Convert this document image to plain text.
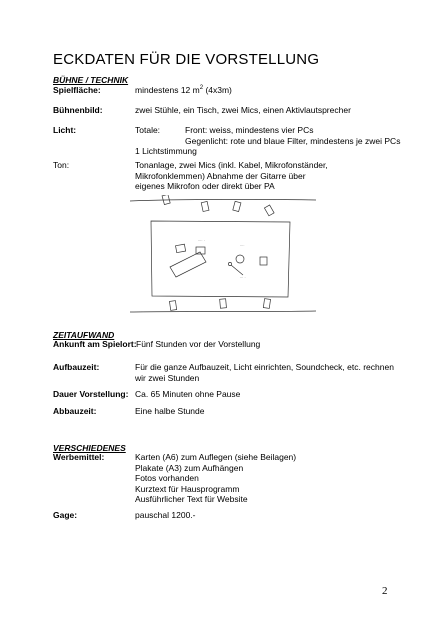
ECKDATEN FÜR DIE VORSTELLUNG
BÜHNE / TECHNIK
Spielfläche:	mindestens 12 $m^2$ (4x3m)
Bühnenbild:	zwei Stühle, ein Tisch, zwei Mics, einen Aktivlautsprecher
Licht:	Totale:	Front: weiss, mindestens vier PCs
Gegenlicht: rote und blaue Filter, mindestens je zwei PCs
1 Lichtstimmung
Ton:	Tonanlage, zwei Mics (inkl. Kabel, Mikrofonständer, Mikrofonklemmen) Abnahme der Gitarre über eigenes Mikrofon oder direkt über PA
···· ·
····
··· ·
ZEITAUFWAND
Ankunft am Spielort: Fünf Stunden vor der Vorstellung
Aufbauzeit:	Für die ganze Aufbauzeit, Licht einrichten, Soundcheck, etc. rechnen wir zwei Stunden
Dauer Vorstellung: Ca. 65 Minuten ohne Pause
Abbauzeit:	Eine halbe Stunde
VERSCHIEDENES
Werbemittel:	Karten (A6) zum Auflegen (siehe Beilagen)
Plakate (A3) zum Aufhängen
Fotos vorhanden
Kurztext für Hausprogramm
Ausführlicher Text für Website
Gage:	pauschal 1200.-
2
